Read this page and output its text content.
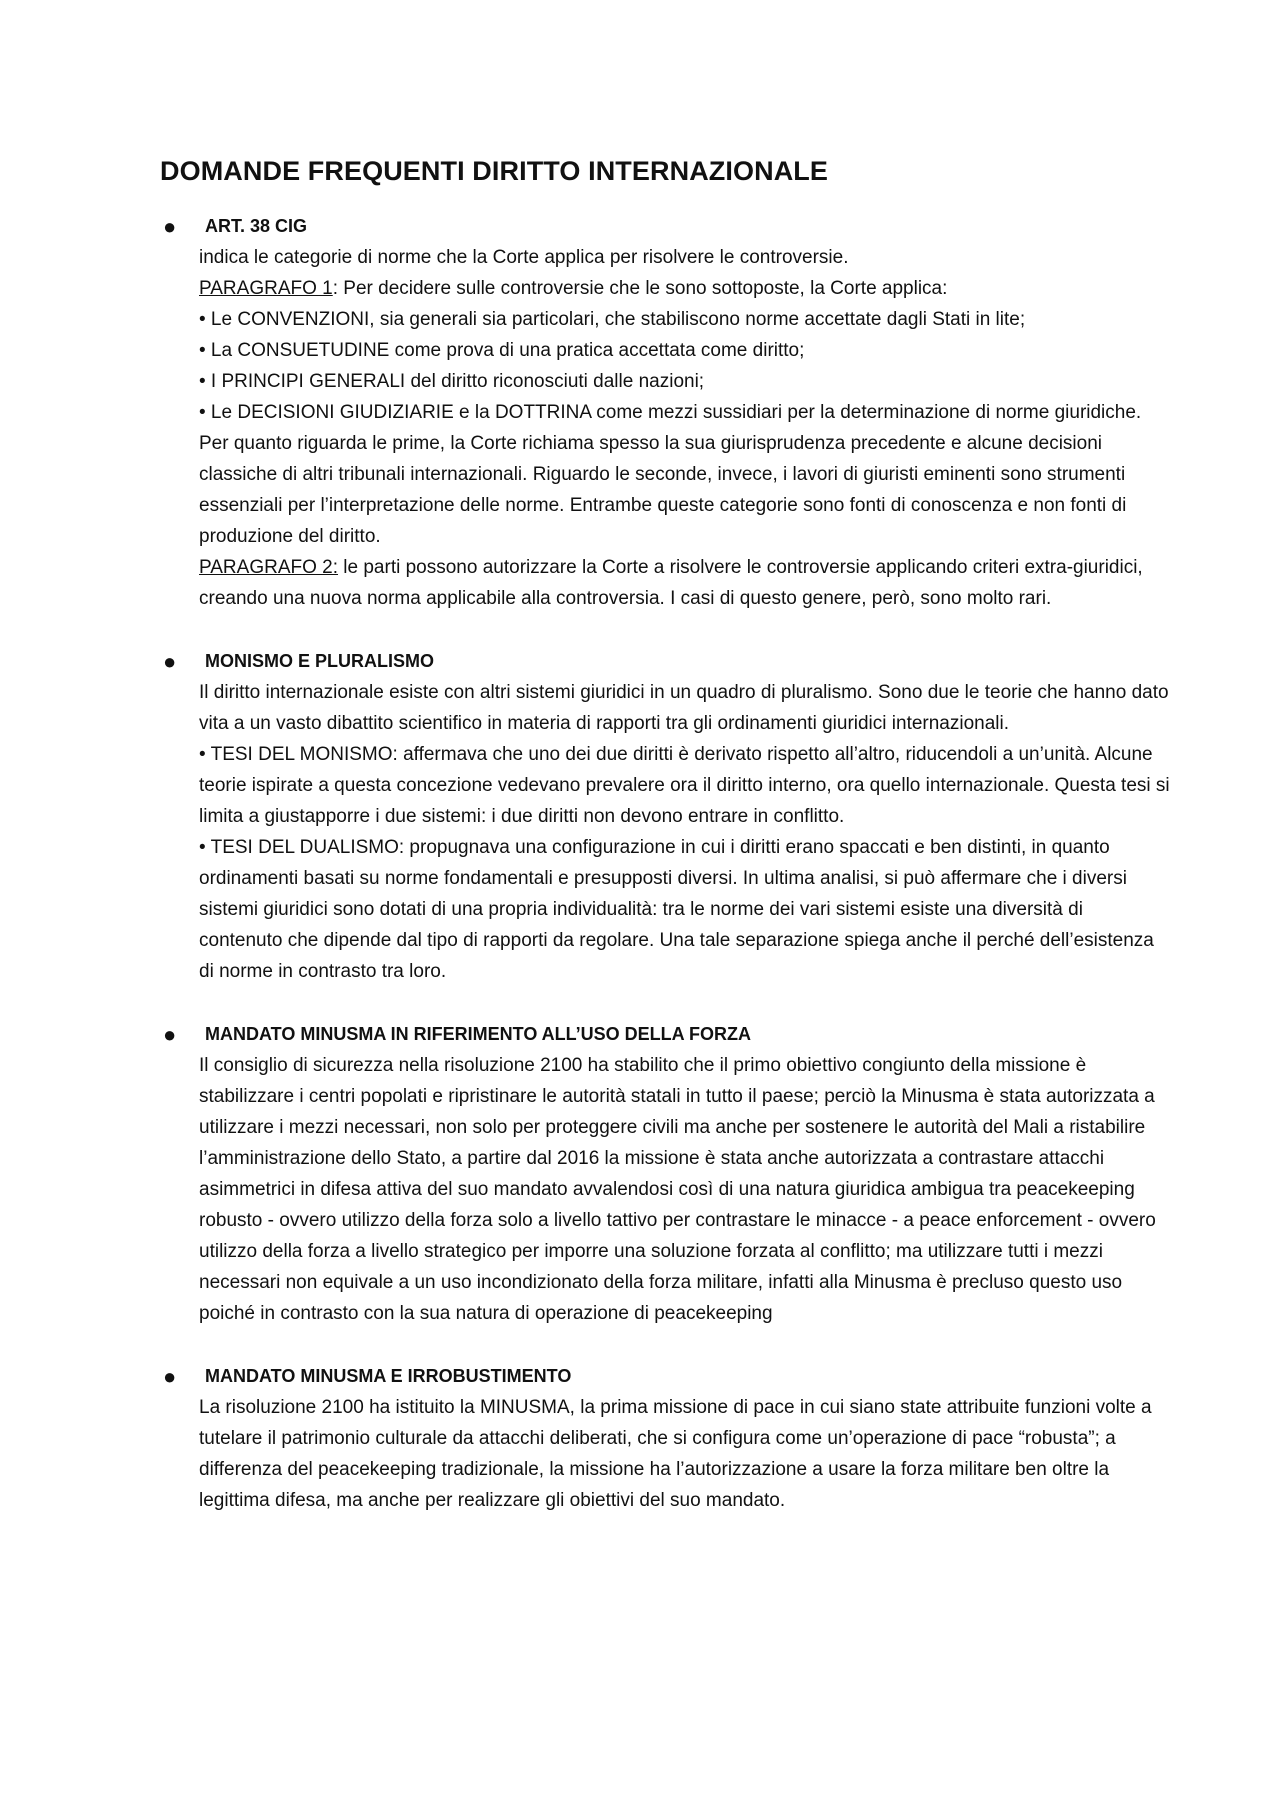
DOMANDE FREQUENTI DIRITTO INTERNAZIONALE
● ART. 38 CIG
indica le categorie di norme che la Corte applica per risolvere le controversie.
PARAGRAFO 1: Per decidere sulle controversie che le sono sottoposte, la Corte applica:
• Le CONVENZIONI, sia generali sia particolari, che stabiliscono norme accettate dagli Stati in lite;
• La CONSUETUDINE come prova di una pratica accettata come diritto;
• I PRINCIPI GENERALI del diritto riconosciuti dalle nazioni;
• Le DECISIONI GIUDIZIARIE e la DOTTRINA come mezzi sussidiari per la determinazione di norme giuridiche. Per quanto riguarda le prime, la Corte richiama spesso la sua giurisprudenza precedente e alcune decisioni classiche di altri tribunali internazionali. Riguardo le seconde, invece, i lavori di giuristi eminenti sono strumenti essenziali per l’interpretazione delle norme. Entrambe queste categorie sono fonti di conoscenza e non fonti di produzione del diritto.
PARAGRAFO 2: le parti possono autorizzare la Corte a risolvere le controversie applicando criteri extra-giuridici, creando una nuova norma applicabile alla controversia. I casi di questo genere, però, sono molto rari.
● MONISMO E PLURALISMO
Il diritto internazionale esiste con altri sistemi giuridici in un quadro di pluralismo. Sono due le teorie che hanno dato vita a un vasto dibattito scientifico in materia di rapporti tra gli ordinamenti giuridici internazionali.
• TESI DEL MONISMO: affermava che uno dei due diritti è derivato rispetto all’altro, riducendoli a un’unità. Alcune teorie ispirate a questa concezione vedevano prevalere ora il diritto interno, ora quello internazionale. Questa tesi si limita a giustapporre i due sistemi: i due diritti non devono entrare in conflitto.
• TESI DEL DUALISMO: propugnava una configurazione in cui i diritti erano spaccati e ben distinti, in quanto ordinamenti basati su norme fondamentali e presupposti diversi. In ultima analisi, si può affermare che i diversi sistemi giuridici sono dotati di una propria individualità: tra le norme dei vari sistemi esiste una diversità di contenuto che dipende dal tipo di rapporti da regolare. Una tale separazione spiega anche il perché dell’esistenza di norme in contrasto tra loro.
● MANDATO MINUSMA IN RIFERIMENTO ALL’USO DELLA FORZA
Il consiglio di sicurezza nella risoluzione 2100 ha stabilito che il primo obiettivo congiunto della missione è stabilizzare i centri popolati e ripristinare le autorità statali in tutto il paese; perciò la Minusma è stata autorizzata a utilizzare i mezzi necessari, non solo per proteggere civili ma anche per sostenere le autorità del Mali a ristabilire l’amministrazione dello Stato, a partire dal 2016 la missione è stata anche autorizzata a contrastare attacchi asimmetrici in difesa attiva del suo mandato avvalendosi così di una natura giuridica ambigua tra peacekeeping robusto - ovvero utilizzo della forza solo a livello tattivo per contrastare le minacce - a peace enforcement - ovvero utilizzo della forza a livello strategico per imporre una soluzione forzata al conflitto; ma utilizzare tutti i mezzi necessari non equivale a un uso incondizionato della forza militare, infatti alla Minusma è precluso questo uso poiché in contrasto con la sua natura di operazione di peacekeeping
● MANDATO MINUSMA E IRROBUSTIMENTO
La risoluzione 2100 ha istituito la MINUSMA, la prima missione di pace in cui siano state attribuite funzioni volte a tutelare il patrimonio culturale da attacchi deliberati, che si configura come un’operazione di pace “robusta”; a differenza del peacekeeping tradizionale, la missione ha l’autorizzazione a usare la forza militare ben oltre la legittima difesa, ma anche per realizzare gli obiettivi del suo mandato.
